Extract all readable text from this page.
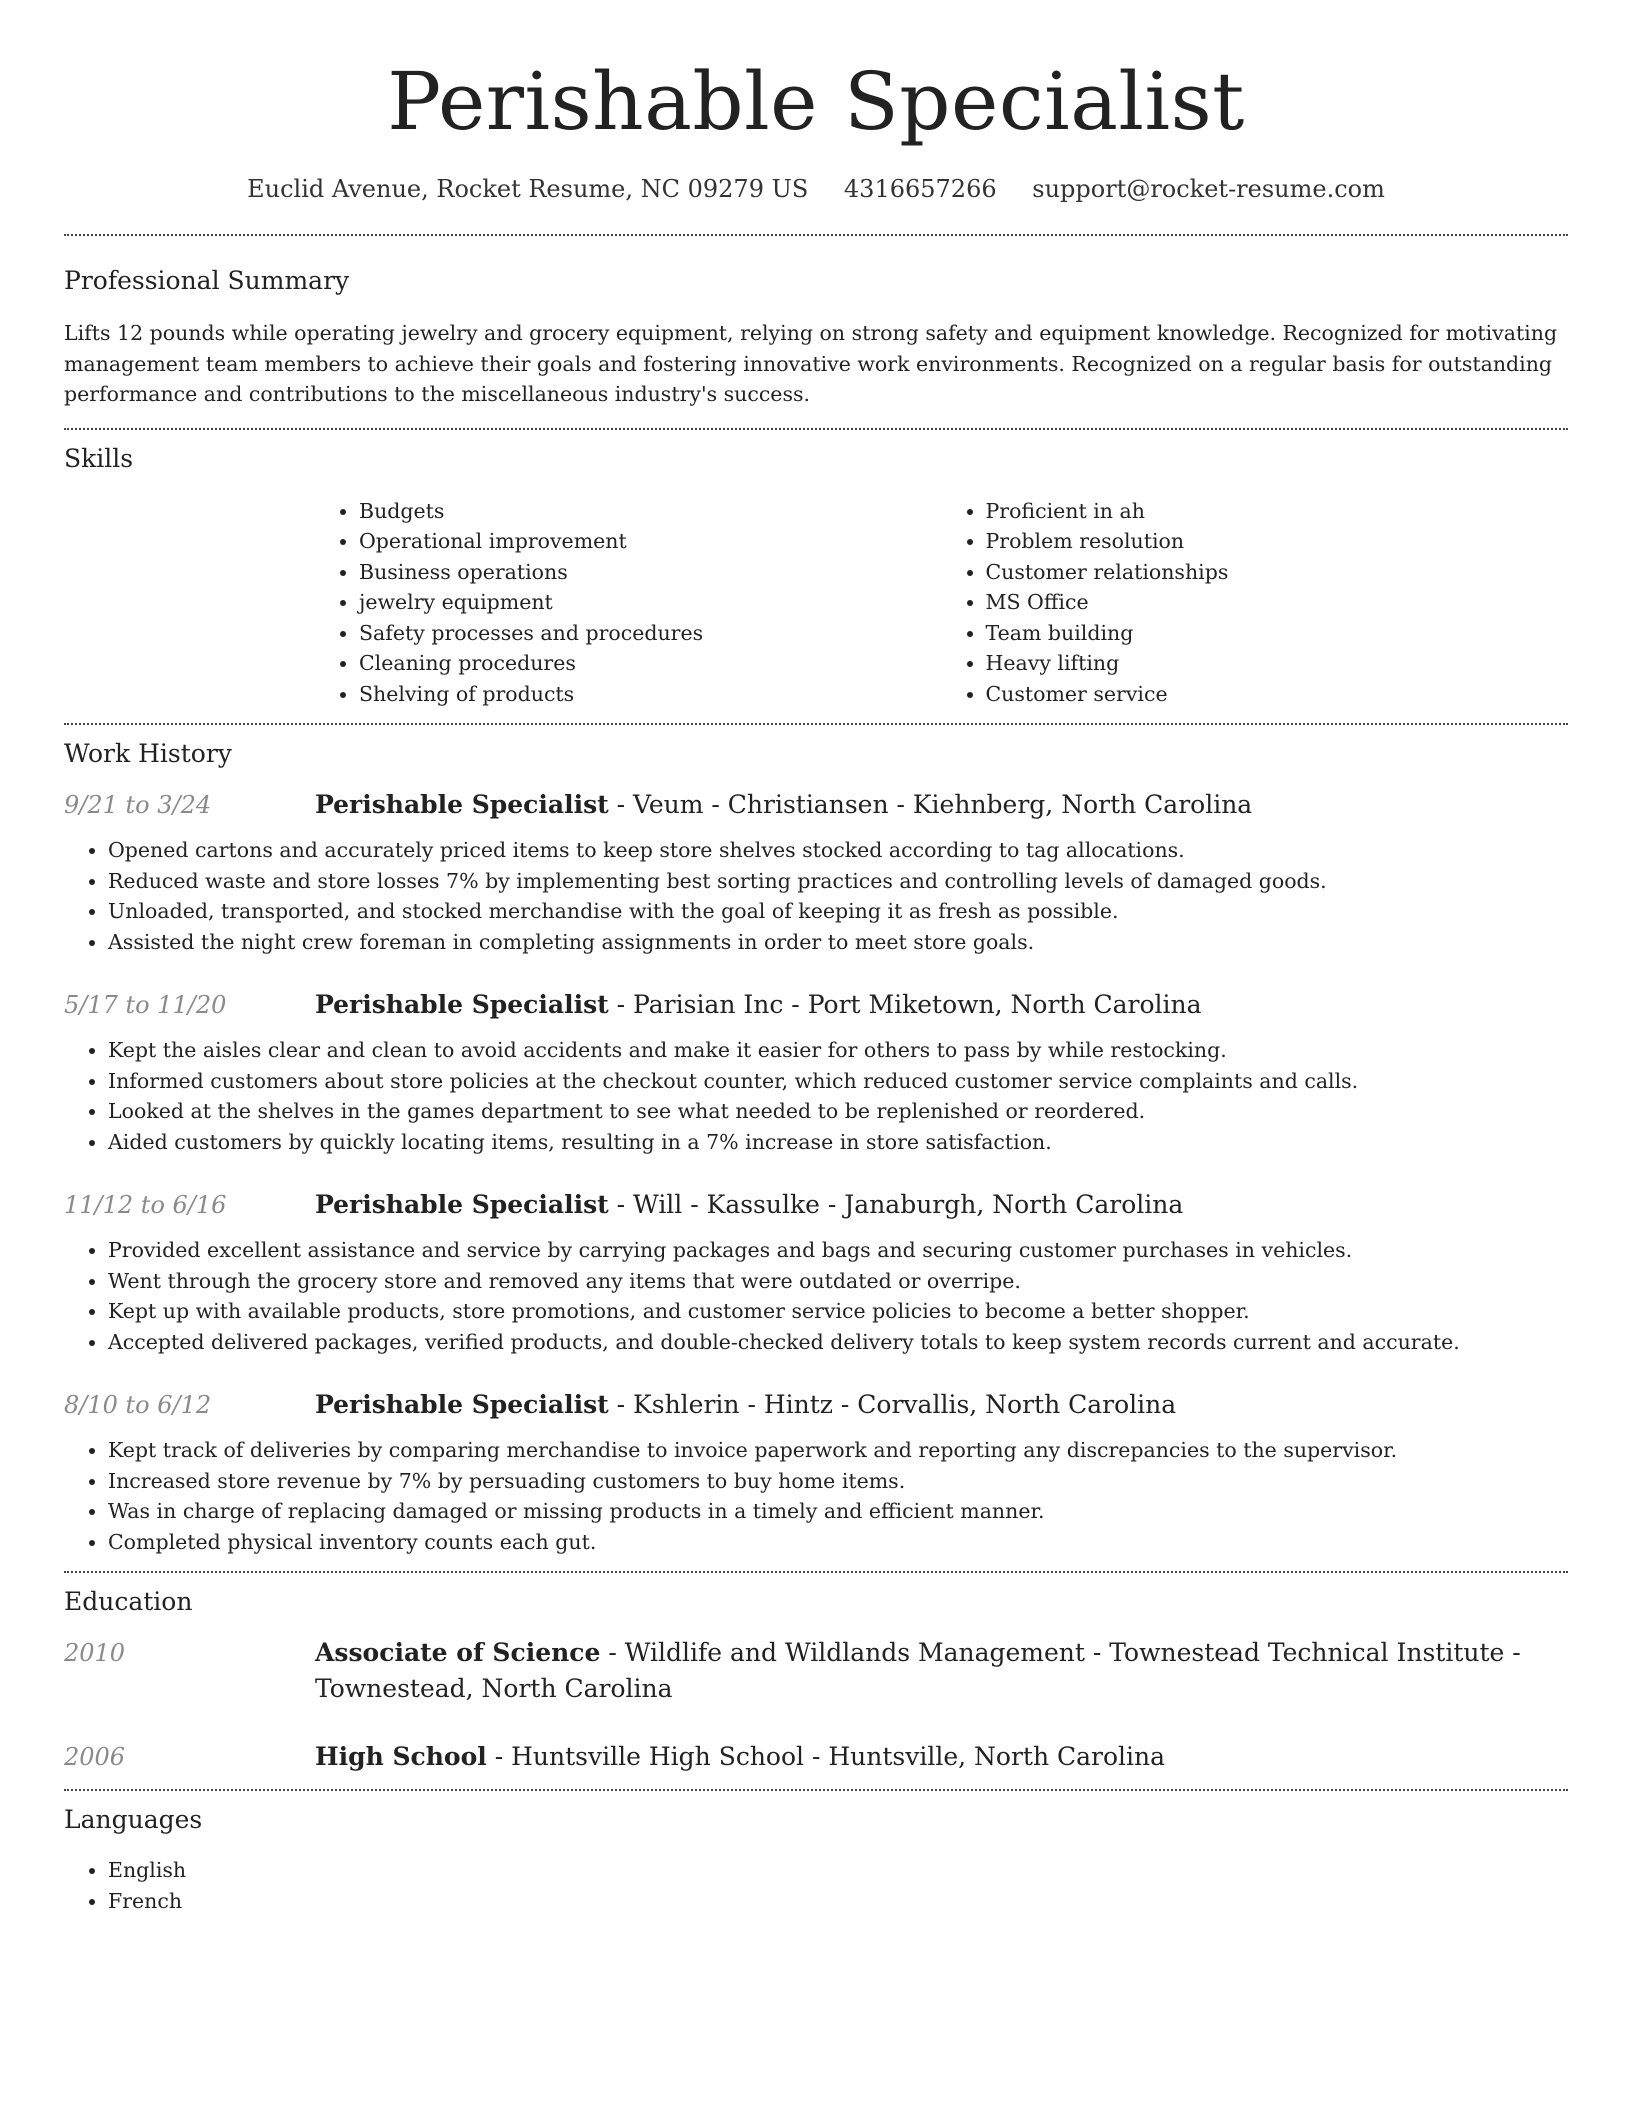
Perishable Specialist
Euclid Avenue, Rocket Resume, NC 09279 US 4316657266 support@rocket-resume.com
Professional Summary

Lifts 12 pounds while operating jewelry and grocery equipment, relying on strong safety and equipment knowledge. Recognized for motivating management team members to achieve their goals and fostering innovative work environments. Recognized on a regular basis for outstanding performance and contributions to the miscellaneous industry's success.

Skills
• Budgets
• Operational improvement
• Business operations
• jewelry equipment
• Safety processes and procedures
• Cleaning procedures
• Shelving of products
• Proficient in ah
• Problem resolution
• Customer relationships
• MS Office
• Team building
• Heavy lifting
• Customer service
Work History
9/21 to 3/24	Perishable Specialist - Veum - Christiansen - Kiehnberg, North Carolina
• Opened cartons and accurately priced items to keep store shelves stocked according to tag allocations.
• Reduced waste and store losses 7% by implementing best sorting practices and controlling levels of damaged goods.
• Unloaded, transported, and stocked merchandise with the goal of keeping it as fresh as possible.
• Assisted the night crew foreman in completing assignments in order to meet store goals.
5/17 to 11/20	Perishable Specialist - Parisian Inc - Port Miketown, North Carolina
• Kept the aisles clear and clean to avoid accidents and make it easier for others to pass by while restocking.
• Informed customers about store policies at the checkout counter, which reduced customer service complaints and calls.
• Looked at the shelves in the games department to see what needed to be replenished or reordered.
• Aided customers by quickly locating items, resulting in a 7% increase in store satisfaction.
11/12 to 6/16	Perishable Specialist - Will - Kassulke - Janaburgh, North Carolina
• Provided excellent assistance and service by carrying packages and bags and securing customer purchases in vehicles.
• Went through the grocery store and removed any items that were outdated or overripe.
• Kept up with available products, store promotions, and customer service policies to become a better shopper.
• Accepted delivered packages, verified products, and double-checked delivery totals to keep system records current and accurate.
8/10 to 6/12	Perishable Specialist - Kshlerin - Hintz - Corvallis, North Carolina
• Kept track of deliveries by comparing merchandise to invoice paperwork and reporting any discrepancies to the supervisor.
• Increased store revenue by 7% by persuading customers to buy home items.
• Was in charge of replacing damaged or missing products in a timely and efficient manner.
• Completed physical inventory counts each gut.
Education
2010	Associate of Science - Wildlife and Wildlands Management - Townestead Technical Institute - Townestead, North Carolina
2006	High School - Huntsville High School - Huntsville, North Carolina
Languages
• English
• French
